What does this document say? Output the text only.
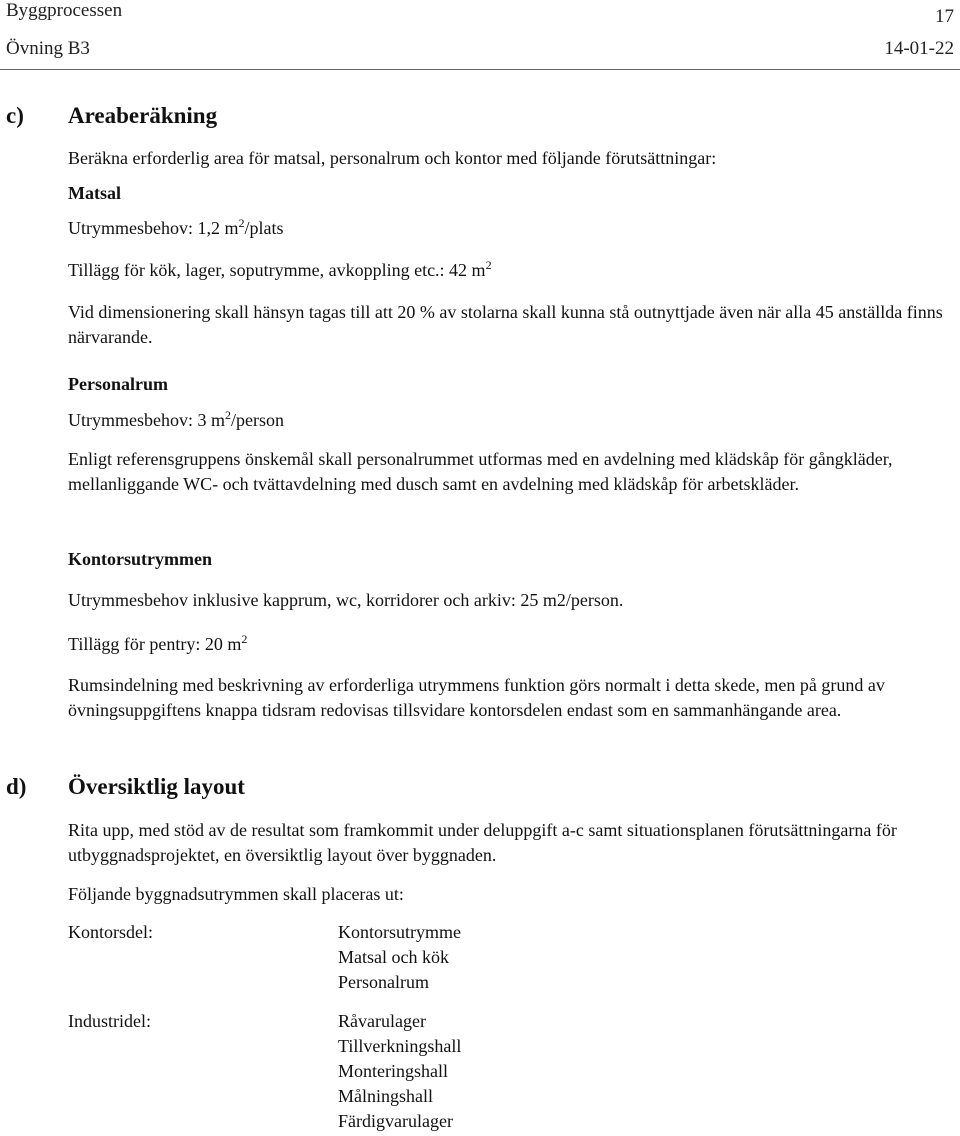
Byggprocessen
Övning B3
17
14-01-22
c) Areaberäkning
Beräkna erforderlig area för matsal, personalrum och kontor med följande förutsättningar:
Matsal
Utrymmesbehov: 1,2 $m^2$/plats
Tillägg för kök, lager, soputrymme, avkoppling etc.: 42 $m^2$
Vid dimensionering skall hänsyn tagas till att 20 % av stolarna skall kunna stå outnyttjade även när alla 45 anställda finns närvarande.
Personalrum
Utrymmesbehov: 3 $m^2$/person
Enligt referensgruppens önskemål skall personalrummet utformas med en avdelning med klädskåp för gångkläder, mellanliggande WC- och tvättavdelning med dusch samt en avdelning med klädskåp för arbetskläder.
Kontorsutrymmen
Utrymmesbehov inklusive kapprum, wc, korridorer och arkiv: 25 m2/person.
Tillägg för pentry: 20 $m^2$
Rumsindelning med beskrivning av erforderliga utrymmens funktion görs normalt i detta skede, men på grund av övningsuppgiftens knappa tidsram redovisas tillsvidare kontorsdelen endast som en sammanhängande area.
d) Översiktlig layout
Rita upp, med stöd av de resultat som framkommit under deluppgift a-c samt situationsplanen förutsättningarna för utbyggnadsprojektet, en översiktlig layout över byggnaden.
Följande byggnadsutrymmen skall placeras ut:
Kontorsdel:	Kontorsutrymme
Matsal och kök
Personalrum
Industridel:	Råvarulager
Tillverkningshall
Monteringshall
Målningshall
Färdigvarulager
